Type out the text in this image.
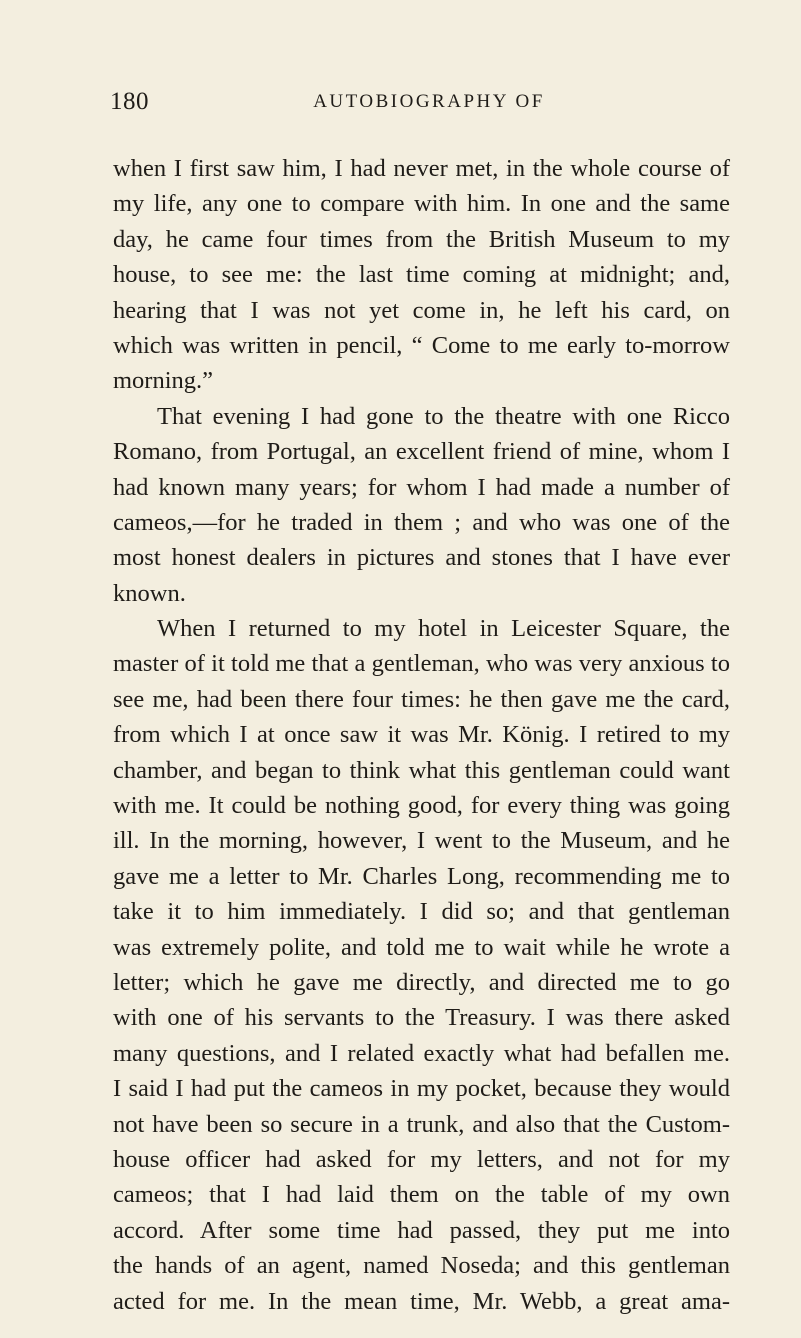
180	AUTOBIOGRAPHY OF
when I first saw him, I had never met, in the whole course of
my life, any one to compare with him. In one and the same
day, he came four times from the British Museum to my
house, to see me: the last time coming at midnight; and,
hearing that I was not yet come in, he left his card, on
which was written in pencil, “ Come to me early to-morrow
morning.”
That evening I had gone to the theatre with one Ricco
Romano, from Portugal, an excellent friend of mine, whom I
had known many years; for whom I had made a number of
cameos,—for he traded in them ; and who was one of the
most honest dealers in pictures and stones that I have ever
known.
When I returned to my hotel in Leicester Square, the
master of it told me that a gentleman, who was very anxious to
see me, had been there four times: he then gave me the card,
from which I at once saw it was Mr. König. I retired to my
chamber, and began to think what this gentleman could want
with me. It could be nothing good, for every thing was going
ill. In the morning, however, I went to the Museum, and he
gave me a letter to Mr. Charles Long, recommending me to
take it to him immediately. I did so; and that gentleman
was extremely polite, and told me to wait while he wrote a
letter; which he gave me directly, and directed me to go
with one of his servants to the Treasury. I was there asked
many questions, and I related exactly what had befallen me.
I said I had put the cameos in my pocket, because they would
not have been so secure in a trunk, and also that the Custom-
house officer had asked for my letters, and not for my
cameos; that I had laid them on the table of my own
accord. After some time had passed, they put me into
the hands of an agent, named Noseda; and this gentleman
acted for me. In the mean time, Mr. Webb, a great ama-
